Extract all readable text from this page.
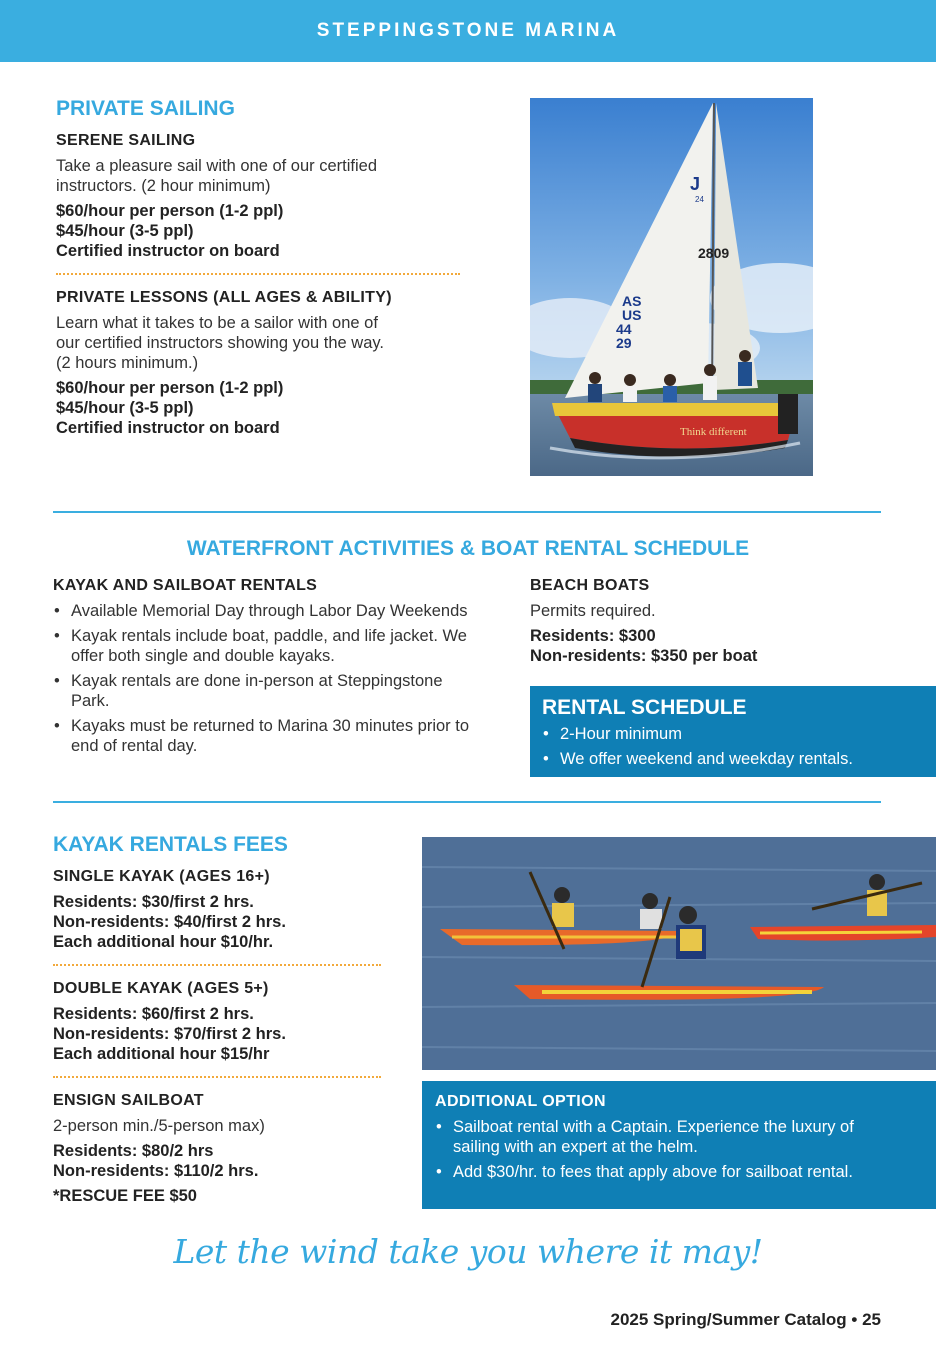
STEPPINGSTONE MARINA
PRIVATE SAILING
SERENE SAILING
Take a pleasure sail with one of our certified
instructors. (2 hour minimum)
$60/hour per person (1-2 ppl)
$45/hour (3-5 ppl)
Certified instructor on board
PRIVATE LESSONS (ALL AGES & ABILITY)
Learn what it takes to be a sailor with one of
our certified instructors showing you the way.
(2 hours minimum.)
$60/hour per person (1-2 ppl)
$45/hour (3-5 ppl)
Certified instructor on board
J
24
2809
AS
US
44
29
Think different
WATERFRONT ACTIVITIES & BOAT RENTAL SCHEDULE
KAYAK AND SAILBOAT RENTALS
• Available Memorial Day through Labor Day Weekends
• Kayak rentals include boat, paddle, and life jacket. We offer both single and double kayaks.
• Kayak rentals are done in-person at Steppingstone Park.
• Kayaks must be returned to Marina 30 minutes prior to end of rental day.
BEACH BOATS
Permits required.
Residents: $300
Non-residents: $350 per boat
RENTAL SCHEDULE
• 2-Hour minimum
• We offer weekend and weekday rentals.
KAYAK RENTALS FEES
SINGLE KAYAK (AGES 16+)
Residents: $30/first 2 hrs.
Non-residents: $40/first 2 hrs.
Each additional hour $10/hr.
DOUBLE KAYAK (AGES 5+)
Residents: $60/first 2 hrs.
Non-residents: $70/first 2 hrs.
Each additional hour $15/hr
ENSIGN SAILBOAT
2-person min./5-person max)
Residents: $80/2 hrs
Non-residents: $110/2 hrs.
*RESCUE FEE $50
ADDITIONAL OPTION
• Sailboat rental with a Captain. Experience the luxury of sailing with an expert at the helm.
• Add $30/hr. to fees that apply above for sailboat rental.
Let the wind take you where it may!
2025 Spring/Summer Catalog • 25
